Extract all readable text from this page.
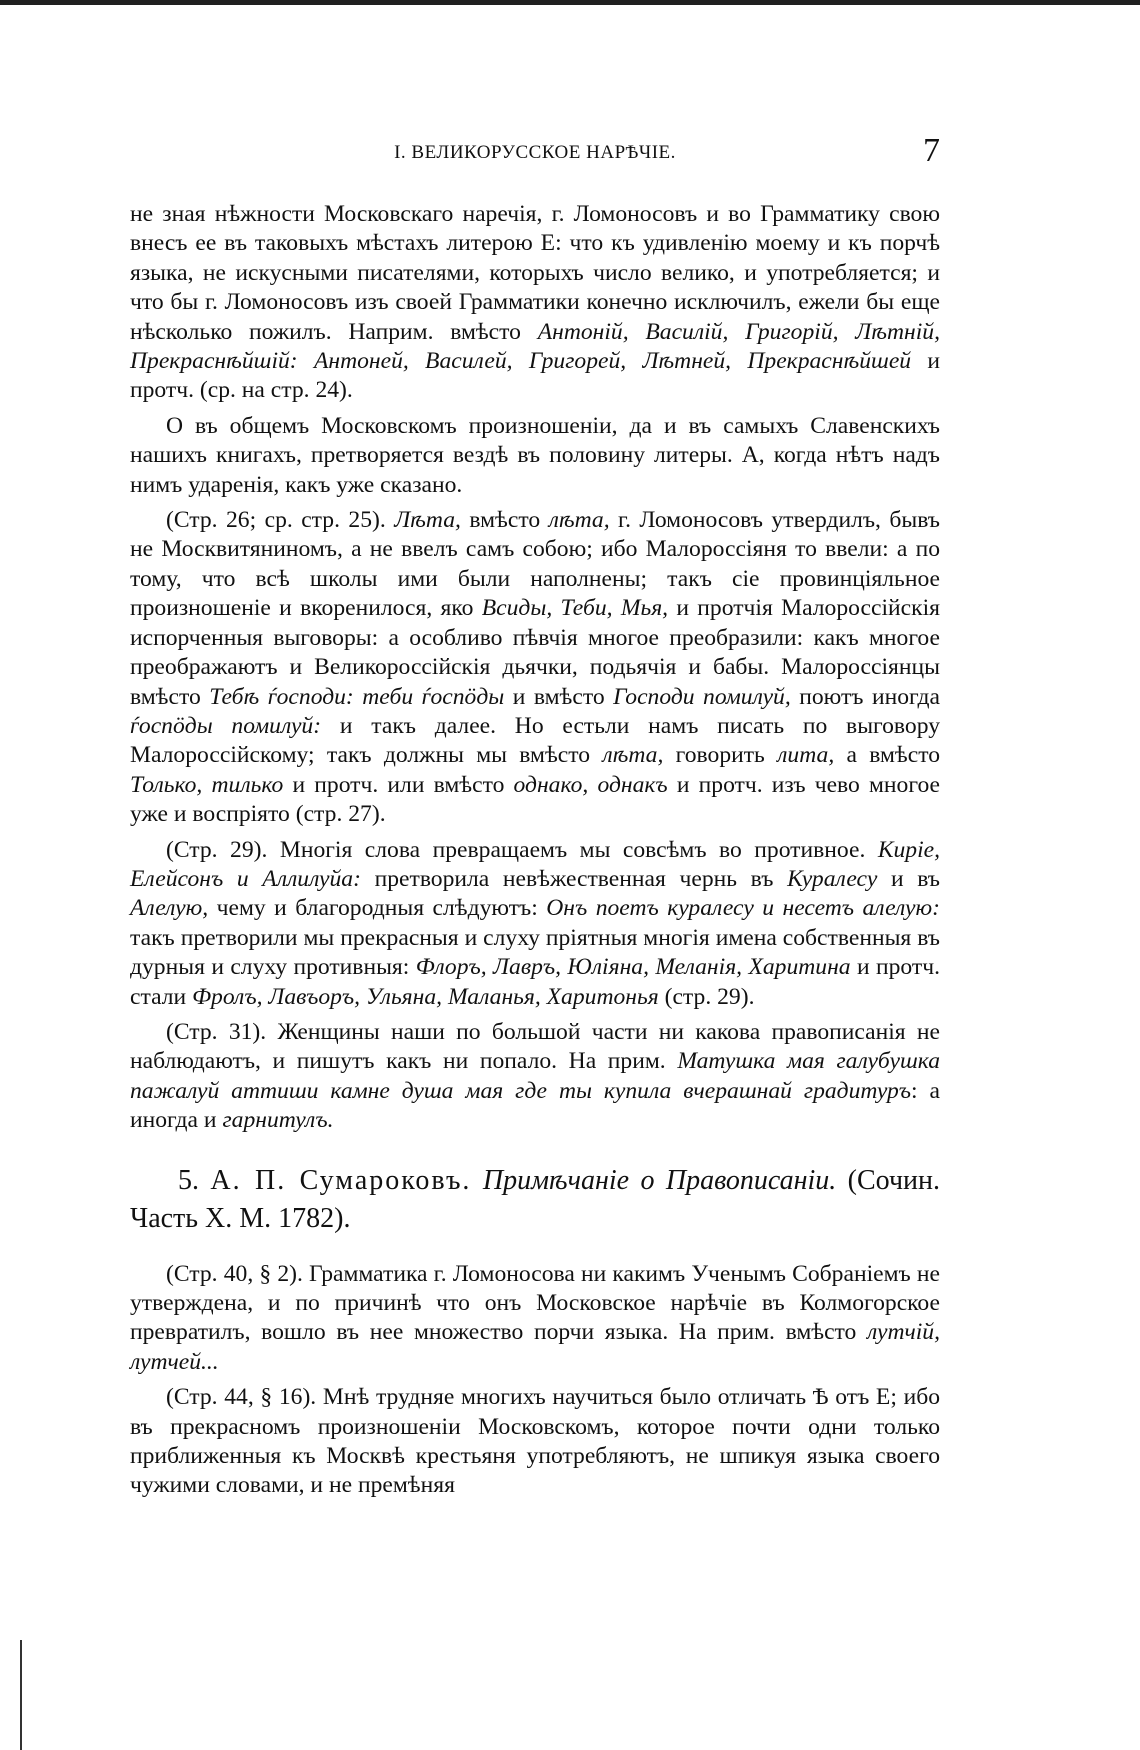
I. ВЕЛИКОРУССКОЕ НАРѢЧІЕ.	7

не зная нѣжности Московскаго наречія, г. Ломоносовъ и во Грамматику свою внесъ ее въ таковыхъ мѣстахъ литерою Е: что къ удивленію моему и къ порчѣ языка, не искусными писателями, которыхъ число велико, и употребляется; и что бы г. Ломоносовъ изъ своей Грамматики конечно исключилъ, ежели бы еще нѣсколько пожилъ. Наприм. вмѣсто Антоній, Василій, Григорій, Лѣтній, Прекраснѣйшій: Антоней, Василей, Григорей, Лѣтней, Прекраснѣйшей и протч. (ср. на стр. 24).

О въ общемъ Московскомъ произношеніи, да и въ самыхъ Славенскихъ нашихъ книгахъ, претворяется вездѣ въ половину литеры. А, когда нѣтъ надъ нимъ ударенія, какъ уже сказано.

(Стр. 26; ср. стр. 25). Лѣта, вмѣсто лѣта, г. Ломоносовъ утвердилъ, бывъ не Москвитяниномъ, а не ввелъ самъ собою; ибо Малороссіяня то ввели: а по тому, что всѣ школы ими были наполнены; такъ сіе провинціяльное произношеніе и вкоренилося, яко Всиды, Теби, Мья, и протчія Малороссійскія испорченныя выговоры: а особливо пѣвчія многое преобразили: какъ многое преображаютъ и Великороссійскія дьячки, подьячія и бабы. Малороссіянцы вмѣсто Тебѣ ѓосподи: теби ѓоспöды и вмѣсто Господи помилуй, поютъ иногда ѓоспöды помилуй: и такъ далее. Но естьли намъ писать по выговору Малороссійскому; такъ должны мы вмѣсто лѣта, говорить лита, а вмѣсто Только, тилько и протч. или вмѣсто однако, однакъ и протч. изъ чево многое уже и воспріято (стр. 27).

(Стр. 29). Многія слова превращаемъ мы совсѣмъ во противное. Киріе, Елейсонъ и Аллилуйа: претворила невѣжественная чернь въ Куралесу и въ Алелую, чему и благородныя слѣдуютъ: Онъ поетъ куралесу и несетъ алелую: такъ претворили мы прекрасныя и слуху пріятныя многія имена собственныя въ дурныя и слуху противныя: Флоръ, Лавръ, Юліяна, Меланія, Харитина и протч. стали Фролъ, Лавъоръ, Ульяна, Маланья, Харитонья (стр. 29).

(Стр. 31). Женщины наши по большой части ни какова правописанія не наблюдаютъ, и пишутъ какъ ни попало. На прим. Матушка мая галубушка пажалуй аттиши камне душа мая где ты купила вчерашнай градитуръ: а иногда и гарнитулъ.

5. А. П. Сумароковъ. Примѣчаніе о Правописаніи. (Сочин. Часть X. М. 1782).

(Стр. 40, § 2). Грамматика г. Ломоносова ни какимъ Ученымъ Собраніемъ не утверждена, и по причинѣ что онъ Московское нарѣчіе въ Колмогорское превратилъ, вошло въ нее множество порчи языка. На прим. вмѣсто лутчій, лутчей...

(Стр. 44, § 16). Мнѣ трудняе многихъ научиться было отличать Ѣ отъ Е; ибо въ прекрасномъ произношеніи Московскомъ, которое почти одни только приближенныя къ Москвѣ крестьяня употребляютъ, не шпикуя языка своего чужими словами, и не премѣняя
